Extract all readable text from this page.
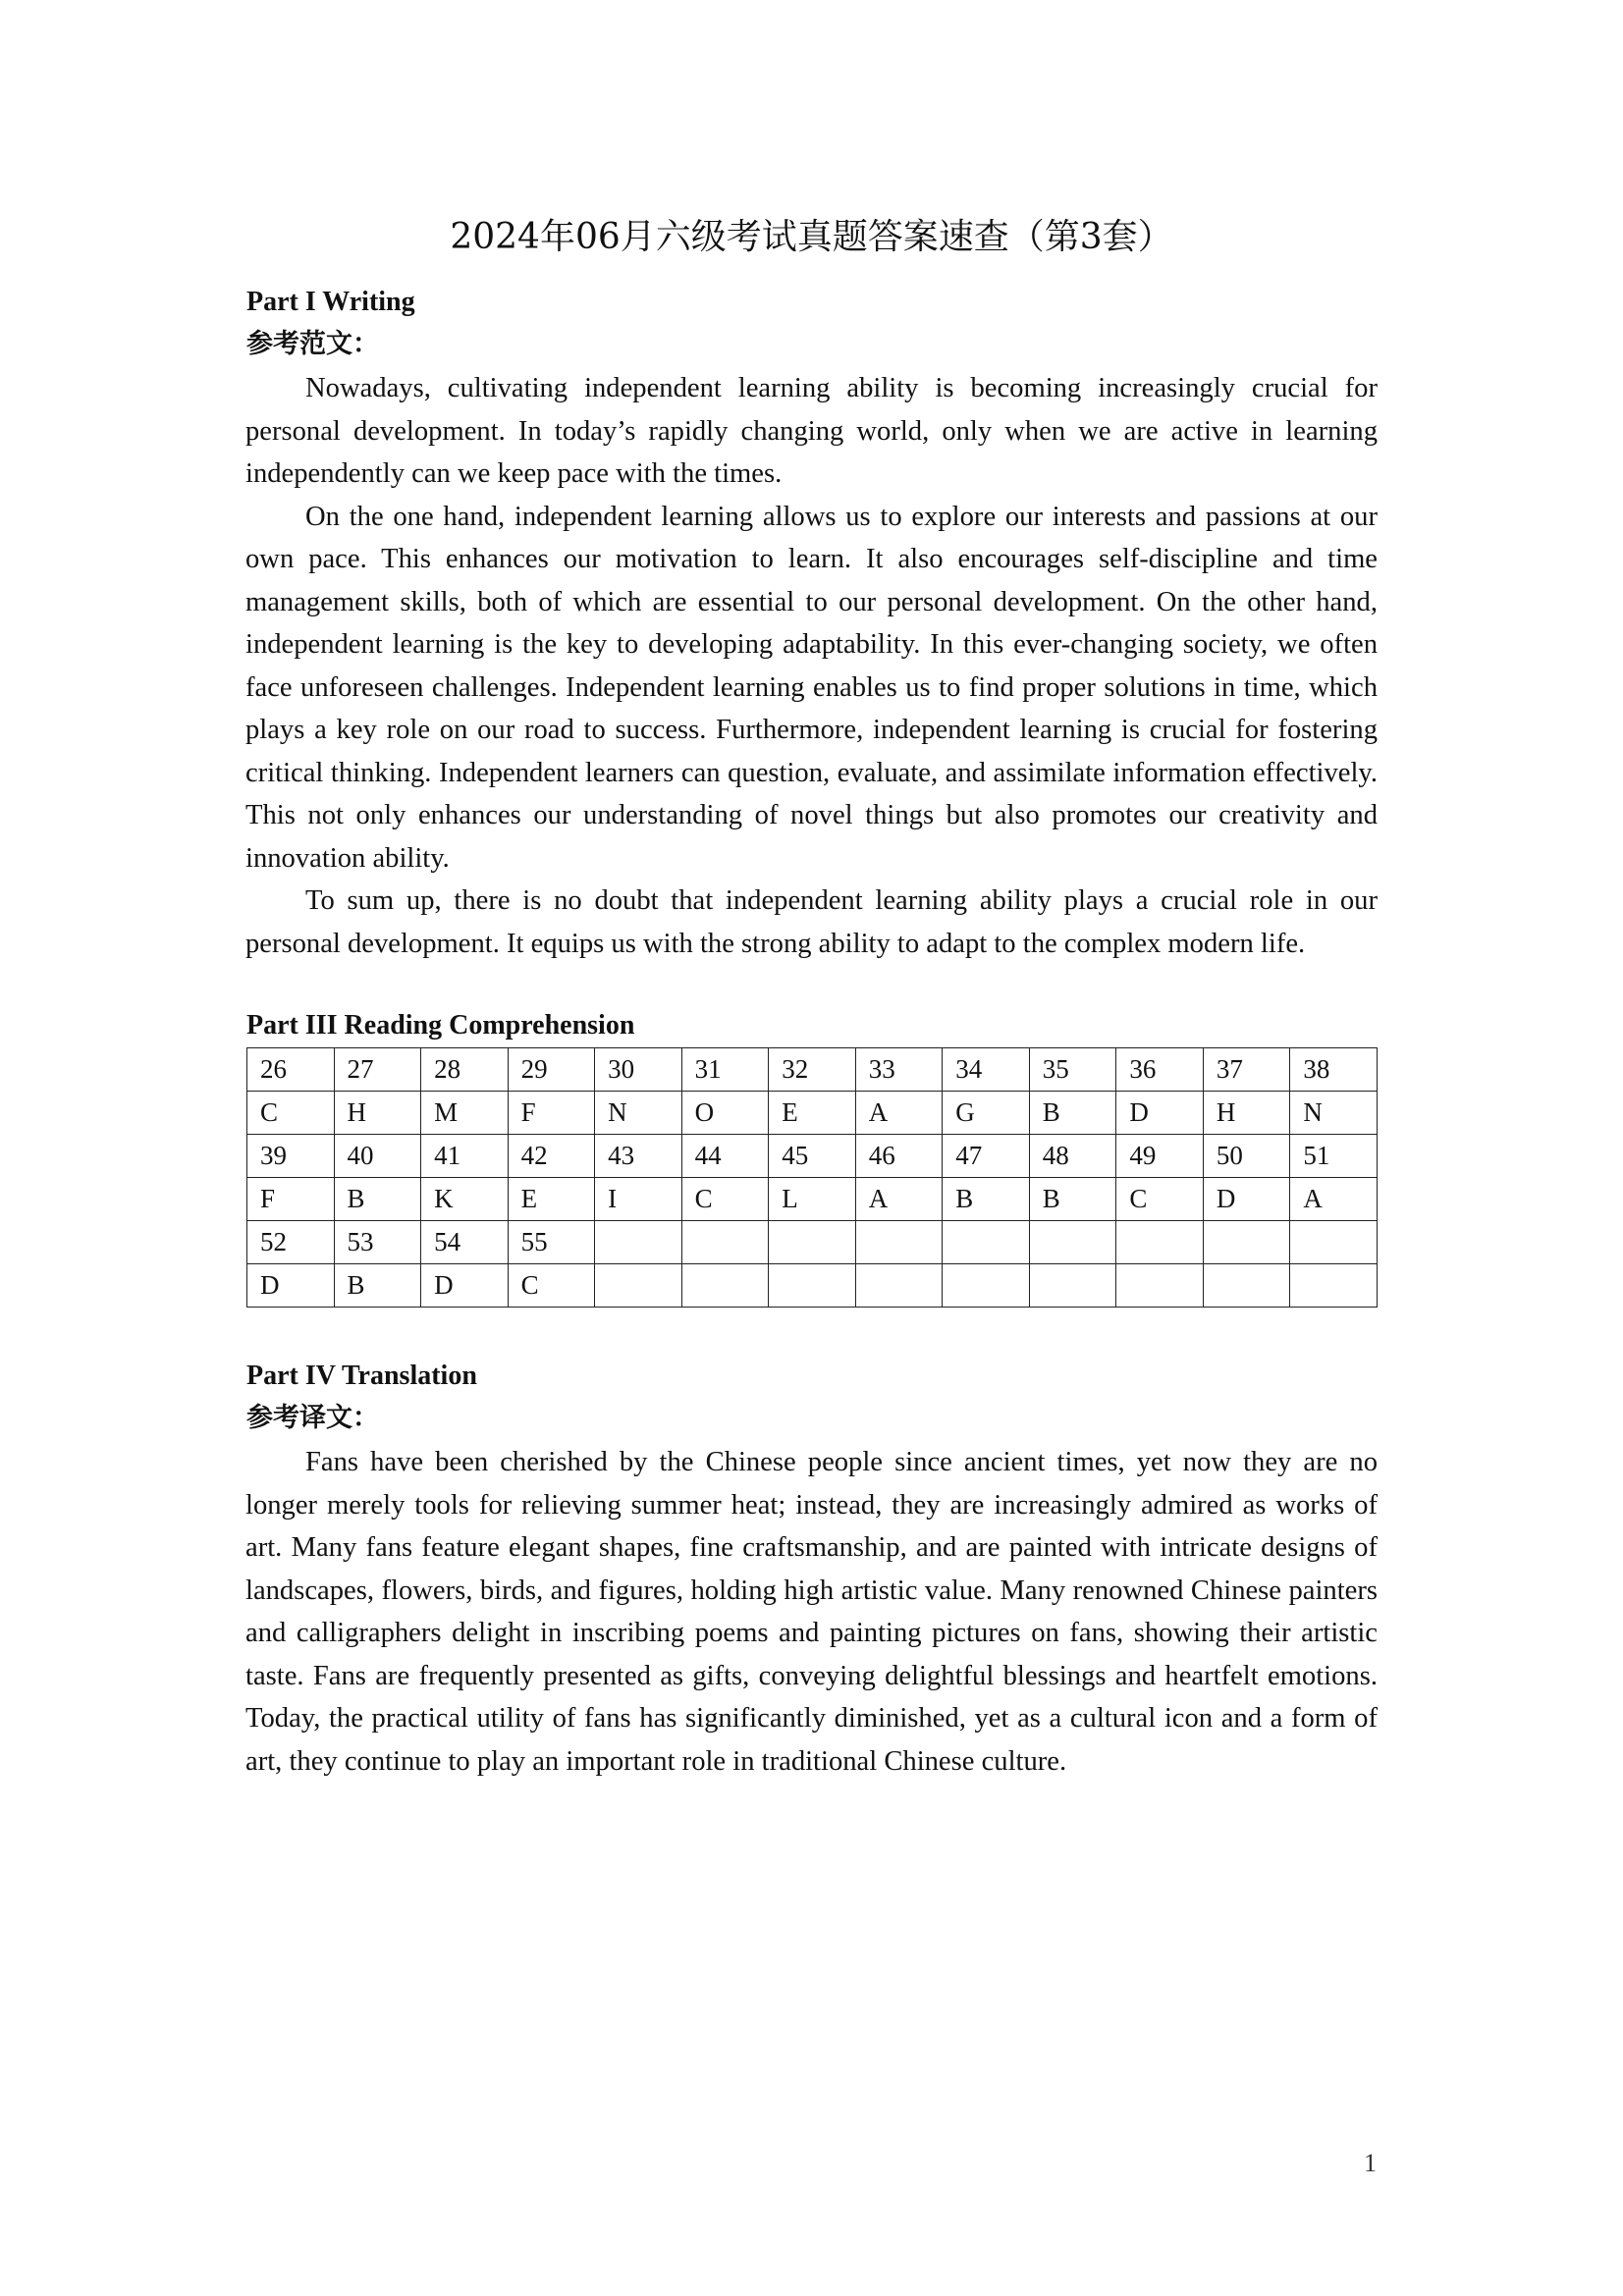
2024年06月六级考试真题答案速查（第3套）
Part I Writing
参考范文：

Nowadays, cultivating independent learning ability is becoming increasingly crucial for personal development. In today’s rapidly changing world, only when we are active in learning independently can we keep pace with the times.

On the one hand, independent learning allows us to explore our interests and passions at our own pace. This enhances our motivation to learn. It also encourages self-discipline and time management skills, both of which are essential to our personal development. On the other hand, independent learning is the key to developing adaptability. In this ever-changing society, we often face unforeseen challenges. Independent learning enables us to find proper solutions in time, which plays a key role on our road to success. Furthermore, independent learning is crucial for fostering critical thinking. Independent learners can question, evaluate, and assimilate information effectively. This not only enhances our understanding of novel things but also promotes our creativity and innovation ability.

To sum up, there is no doubt that independent learning ability plays a crucial role in our personal development. It equips us with the strong ability to adapt to the complex modern life.

Part III Reading Comprehension
26	27	28	29	30	31	32	33	34	35	36	37	38
C	H	M	F	N	O	E	A	G	B	D	H	N
39	40	41	42	43	44	45	46	47	48	49	50	51
F	B	K	E	I	C	L	A	B	B	C	D	A
52	53	54	55									
D	B	D	C									
Part IV Translation
参考译文：

Fans have been cherished by the Chinese people since ancient times, yet now they are no longer merely tools for relieving summer heat; instead, they are increasingly admired as works of art. Many fans feature elegant shapes, fine craftsmanship, and are painted with intricate designs of landscapes, flowers, birds, and figures, holding high artistic value. Many renowned Chinese painters and calligraphers delight in inscribing poems and painting pictures on fans, showing their artistic taste. Fans are frequently presented as gifts, conveying delightful blessings and heartfelt emotions. Today, the practical utility of fans has significantly diminished, yet as a cultural icon and a form of art, they continue to play an important role in traditional Chinese culture.

1
